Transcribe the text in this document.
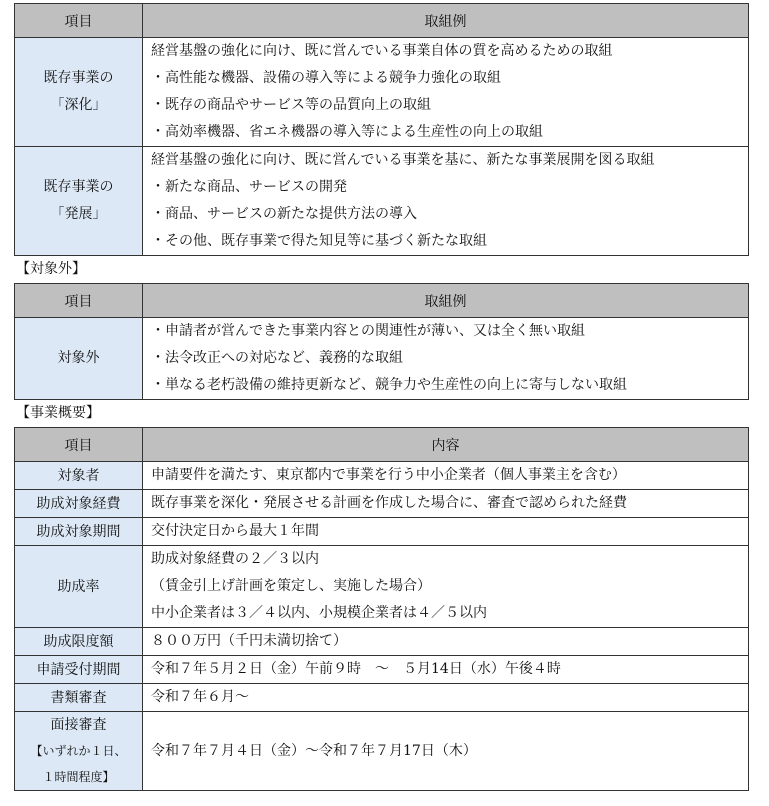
項目	取組例

既存事業の
「深化」	経営基盤の強化に向け、既に営んでいる事業自体の質を高めるための取組
・高性能な機器、設備の導入等による競争力強化の取組
・既存の商品やサービス等の品質向上の取組
・高効率機器、省エネ機器の導入等による生産性の向上の取組

既存事業の
「発展」	経営基盤の強化に向け、既に営んでいる事業を基に、新たな事業展開を図る取組
・新たな商品、サービスの開発
・商品、サービスの新たな提供方法の導入
・その他、既存事業で得た知見等に基づく新たな取組
【対象外】
項目	取組例

対象外	・申請者が営んできた事業内容との関連性が薄い、又は全く無い取組
・法令改正への対応など、義務的な取組
・単なる老朽設備の維持更新など、競争力や生産性の向上に寄与しない取組
【事業概要】
項目	内容
対象者	申請要件を満たす、東京都内で事業を行う中小企業者（個人事業主を含む）

助成対象経費	既存事業を深化・発展させる計画を作成した場合に、審査で認められた経費

助成対象期間	交付決定日から最大１年間

助成率	助成対象経費の２／３以内
（賃金引上げ計画を策定し、実施した場合）
中小企業者は３／４以内、小規模企業者は４／５以内

助成限度額	８００万円（千円未満切捨て）

申請受付期間	令和７年５月２日（金）午前９時　～　５月14日（水）午後４時

書類審査	令和７年６月～

面接審査
【いずれか１日、
１時間程度】	令和７年７月４日（金）～令和７年７月17日（木）
